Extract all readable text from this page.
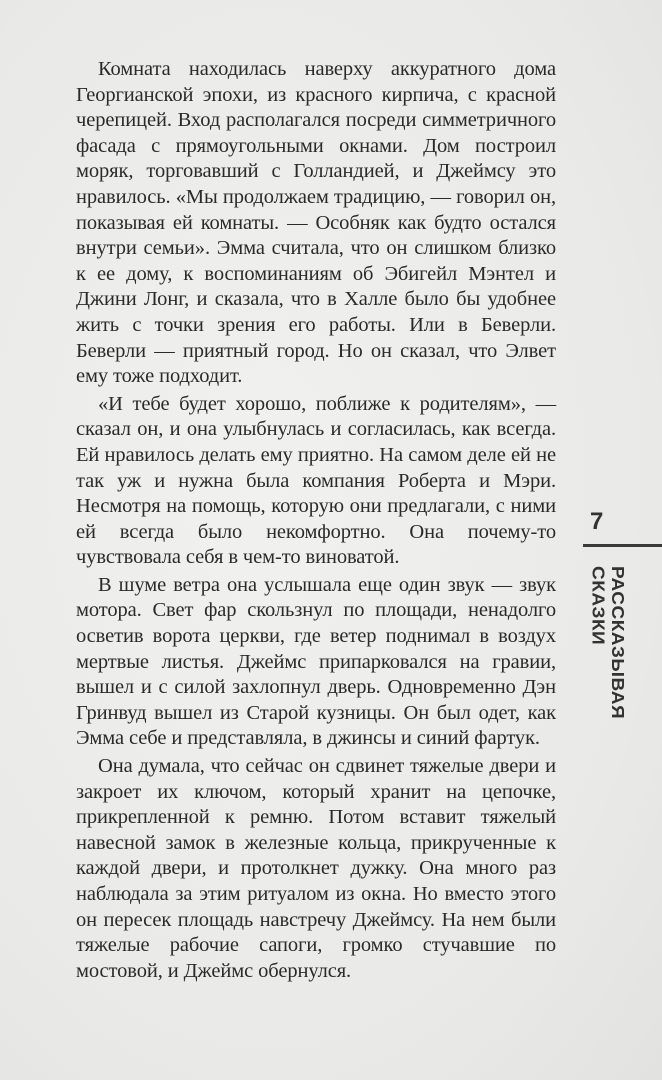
Комната находилась наверху аккуратного дома Георгианской эпохи, из красного кирпича, с красной черепицей. Вход располагался посреди симметричного фасада с прямоугольными окнами. Дом построил моряк, торговавший с Голландией, и Джеймсу это нравилось. «Мы продолжаем традицию, — говорил он, показывая ей комнаты. — Особняк как будто остался внутри семьи». Эмма считала, что он слишком близко к ее дому, к воспоминаниям об Эбигейл Мэнтел и Джини Лонг, и сказала, что в Халле было бы удобнее жить с точки зрения его работы. Или в Беверли. Беверли — приятный город. Но он сказал, что Элвет ему тоже подходит.

«И тебе будет хорошо, поближе к родителям», — сказал он, и она улыбнулась и согласилась, как всегда. Ей нравилось делать ему приятно. На самом деле ей не так уж и нужна была компания Роберта и Мэри. Несмотря на помощь, которую они предлагали, с ними ей всегда было некомфортно. Она почему-то чувствовала себя в чем-то виноватой.

В шуме ветра она услышала еще один звук — звук мотора. Свет фар скользнул по площади, ненадолго осветив ворота церкви, где ветер поднимал в воздух мертвые листья. Джеймс припарковался на гравии, вышел и с силой захлопнул дверь. Одновременно Дэн Гринвуд вышел из Старой кузницы. Он был одет, как Эмма себе и представляла, в джинсы и синий фартук.

Она думала, что сейчас он сдвинет тяжелые двери и закроет их ключом, который хранит на цепочке, прикрепленной к ремню. Потом вставит тяжелый навесной замок в железные кольца, прикрученные к каждой двери, и протолкнет дужку. Она много раз наблюдала за этим ритуалом из окна. Но вместо этого он пересек площадь навстречу Джеймсу. На нем были тяжелые рабочие сапоги, громко стучавшие по мостовой, и Джеймс обернулся.

7
РАССКАЗЫВАЯ СКАЗКИ
